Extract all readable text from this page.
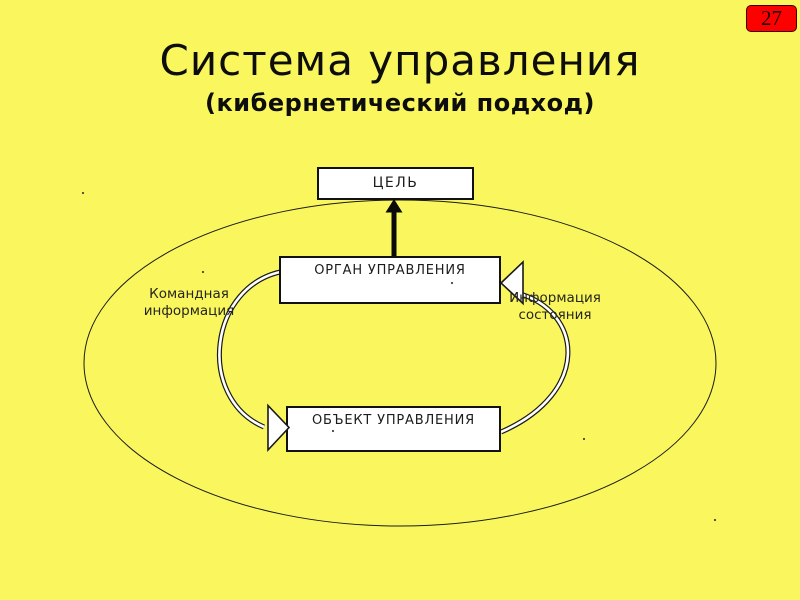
27
Система управления
(кибернетический подход)
ЦЕЛЬ
ОРГАН УПРАВЛЕНИЯ
ОБЪЕКТ УПРАВЛЕНИЯ
Командная информация
Информация состояния
